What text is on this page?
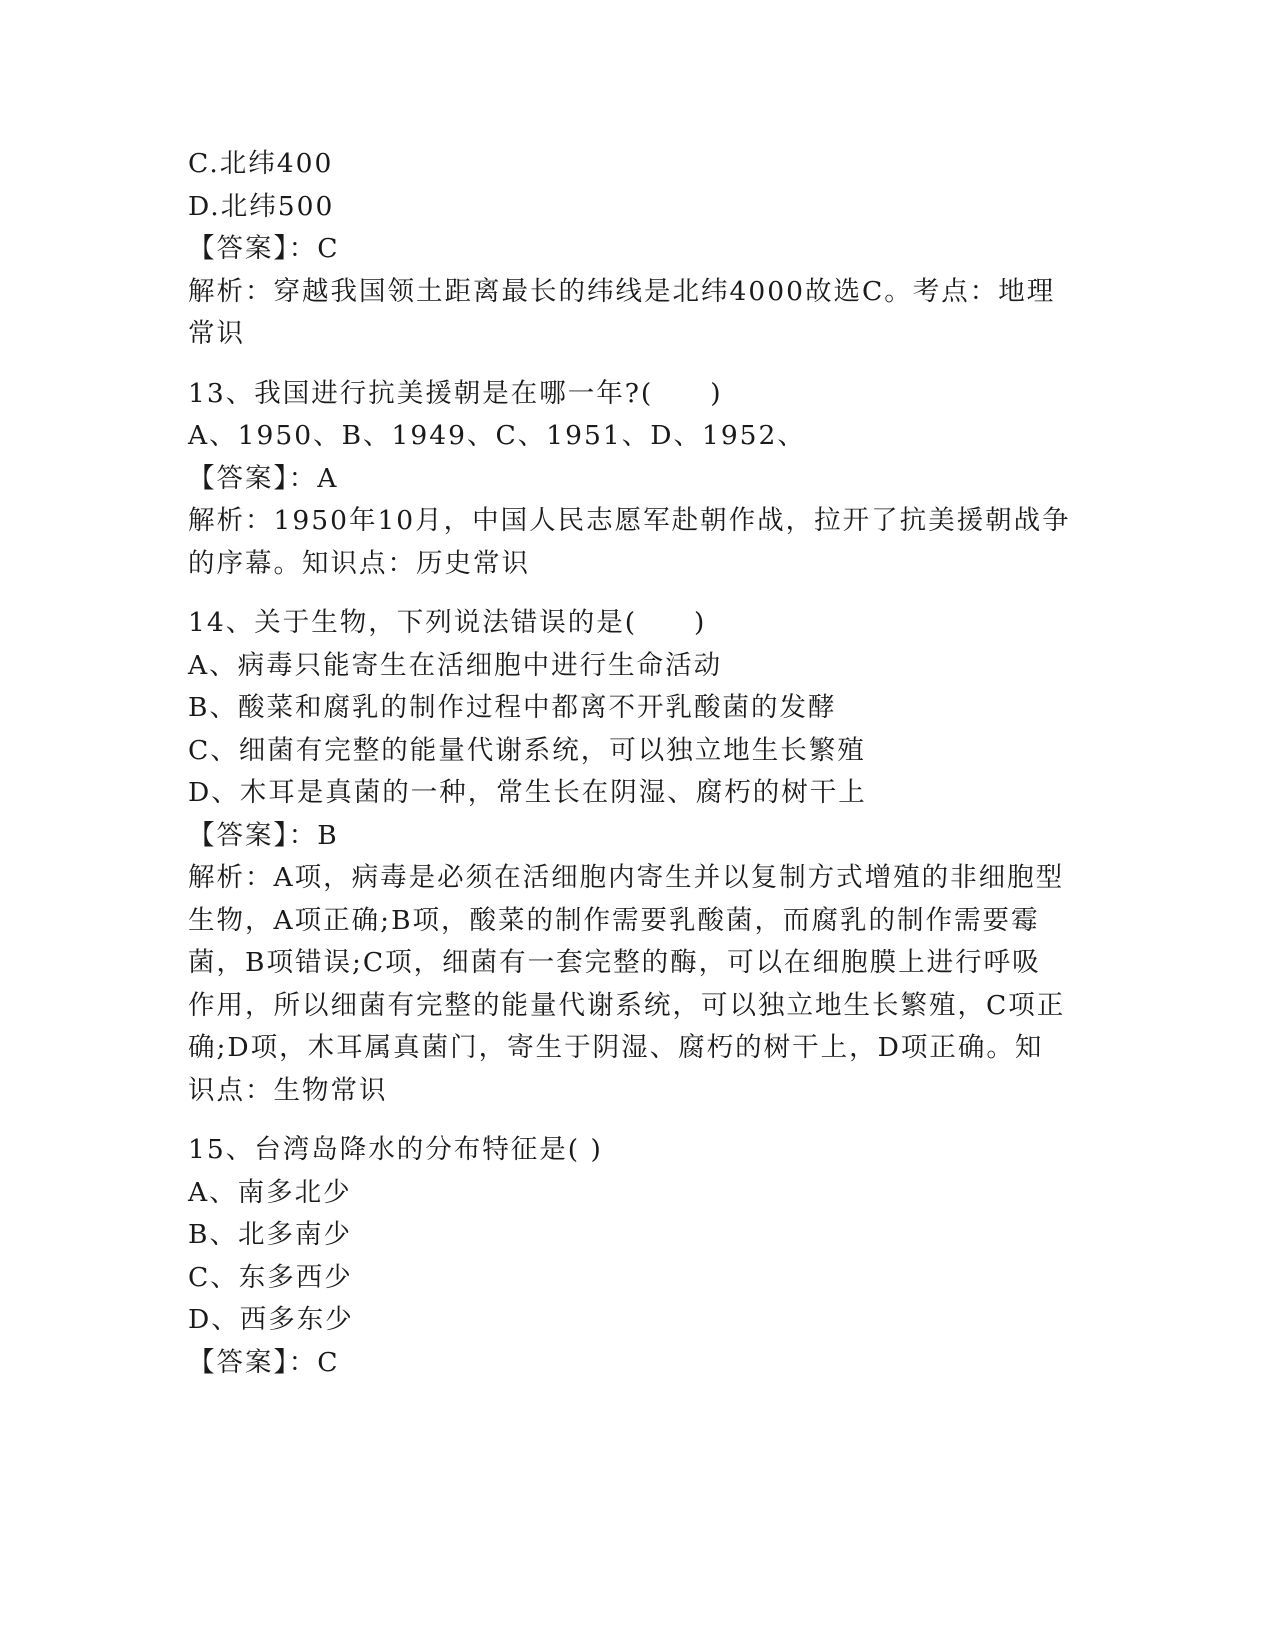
C.北纬400
D.北纬500
【答案】：C
解析：穿越我国领土距离最长的纬线是北纬4000故选C。考点：地理
常识
13、我国进行抗美援朝是在哪一年?(　　)
A、1950、B、1949、C、1951、D、1952、
【答案】：A
解析：1950年10月，中国人民志愿军赴朝作战，拉开了抗美援朝战争
的序幕。知识点：历史常识
14、关于生物，下列说法错误的是(　　)
A、病毒只能寄生在活细胞中进行生命活动
B、酸菜和腐乳的制作过程中都离不开乳酸菌的发酵
C、细菌有完整的能量代谢系统，可以独立地生长繁殖
D、木耳是真菌的一种，常生长在阴湿、腐朽的树干上
【答案】：B
解析：A项，病毒是必须在活细胞内寄生并以复制方式增殖的非细胞型
生物，A项正确;B项，酸菜的制作需要乳酸菌，而腐乳的制作需要霉
菌，B项错误;C项，细菌有一套完整的酶，可以在细胞膜上进行呼吸
作用，所以细菌有完整的能量代谢系统，可以独立地生长繁殖，C项正
确;D项，木耳属真菌门，寄生于阴湿、腐朽的树干上，D项正确。知
识点：生物常识
15、台湾岛降水的分布特征是( )
A、南多北少
B、北多南少
C、东多西少
D、西多东少
【答案】：C
